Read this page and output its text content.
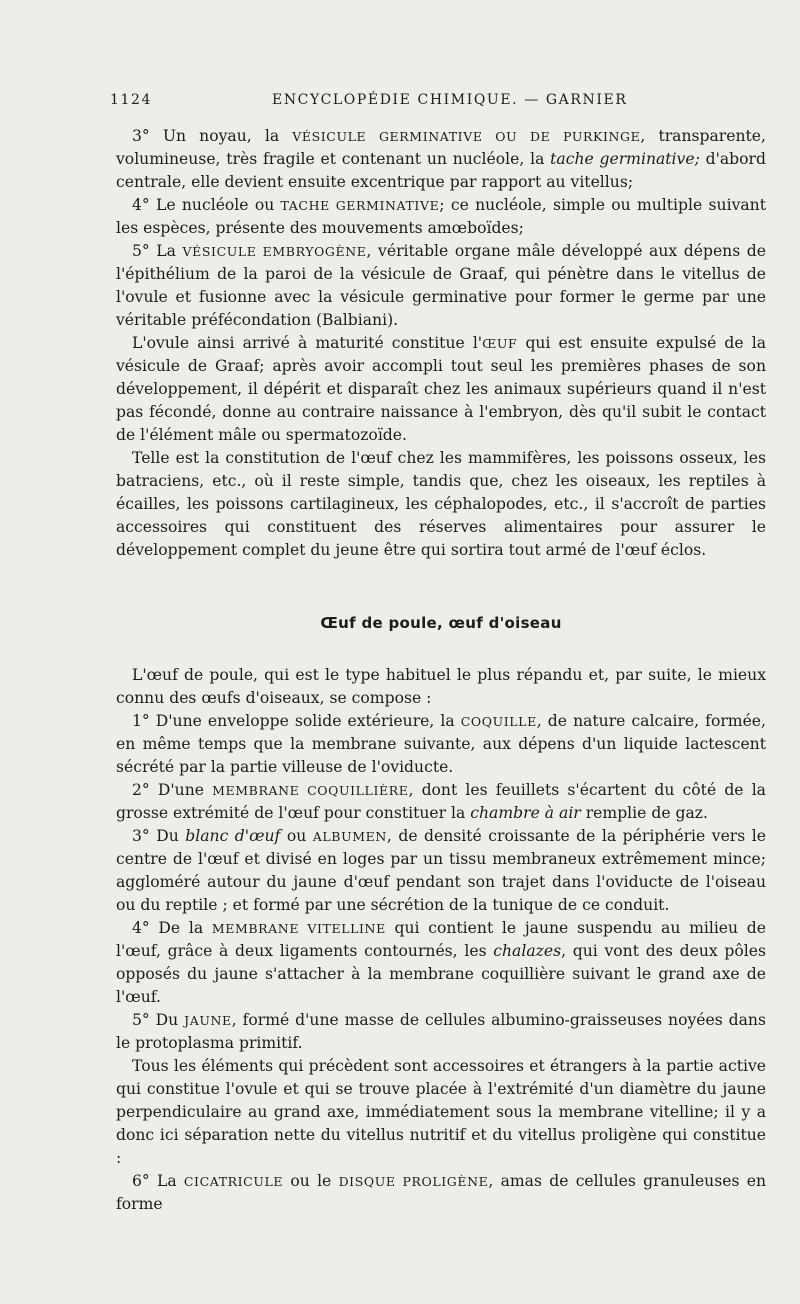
1124	ENCYCLOPÉDIE CHIMIQUE. — GARNIER

3° Un noyau, la VÉSICULE GERMINATIVE OU DE PURKINGE, transparente, volumineuse, très fragile et contenant un nucléole, la tache germinative; d'abord centrale, elle devient ensuite excentrique par rapport au vitellus;

4° Le nucléole ou TACHE GERMINATIVE; ce nucléole, simple ou multiple suivant les espèces, présente des mouvements amœboïdes;

5° La VÉSICULE EMBRYOGÈNE, véritable organe mâle développé aux dépens de l'épithélium de la paroi de la vésicule de Graaf, qui pénètre dans le vitellus de l'ovule et fusionne avec la vésicule germinative pour former le germe par une véritable préfécondation (Balbiani).

L'ovule ainsi arrivé à maturité constitue l'ŒUF qui est ensuite expulsé de la vésicule de Graaf; après avoir accompli tout seul les premières phases de son développement, il dépérit et disparaît chez les animaux supérieurs quand il n'est pas fécondé, donne au contraire naissance à l'embryon, dès qu'il subit le contact de l'élément mâle ou spermatozoïde.

Telle est la constitution de l'œuf chez les mammifères, les poissons osseux, les batraciens, etc., où il reste simple, tandis que, chez les oiseaux, les reptiles à écailles, les poissons cartilagineux, les céphalopodes, etc., il s'accroît de parties accessoires qui constituent des réserves alimentaires pour assurer le développement complet du jeune être qui sortira tout armé de l'œuf éclos.

Œuf de poule, œuf d'oiseau

L'œuf de poule, qui est le type habituel le plus répandu et, par suite, le mieux connu des œufs d'oiseaux, se compose :

1° D'une enveloppe solide extérieure, la COQUILLE, de nature calcaire, formée, en même temps que la membrane suivante, aux dépens d'un liquide lactescent sécrété par la partie villeuse de l'oviducte.

2° D'une MEMBRANE COQUILLIÈRE, dont les feuillets s'écartent du côté de la grosse extrémité de l'œuf pour constituer la chambre à air remplie de gaz.

3° Du blanc d'œuf ou ALBUMEN, de densité croissante de la périphérie vers le centre de l'œuf et divisé en loges par un tissu membraneux extrêmement mince; aggloméré autour du jaune d'œuf pendant son trajet dans l'oviducte de l'oiseau ou du reptile ; et formé par une sécrétion de la tunique de ce conduit.

4° De la MEMBRANE VITELLINE qui contient le jaune suspendu au milieu de l'œuf, grâce à deux ligaments contournés, les chalazes, qui vont des deux pôles opposés du jaune s'attacher à la membrane coquillière suivant le grand axe de l'œuf.

5° Du JAUNE, formé d'une masse de cellules albumino-graisseuses noyées dans le protoplasma primitif.

Tous les éléments qui précèdent sont accessoires et étrangers à la partie active qui constitue l'ovule et qui se trouve placée à l'extrémité d'un diamètre du jaune perpendiculaire au grand axe, immédiatement sous la membrane vitelline; il y a donc ici séparation nette du vitellus nutritif et du vitellus proligène qui constitue :

6° La CICATRICULE ou le DISQUE PROLIGÈNE, amas de cellules granuleuses en forme
